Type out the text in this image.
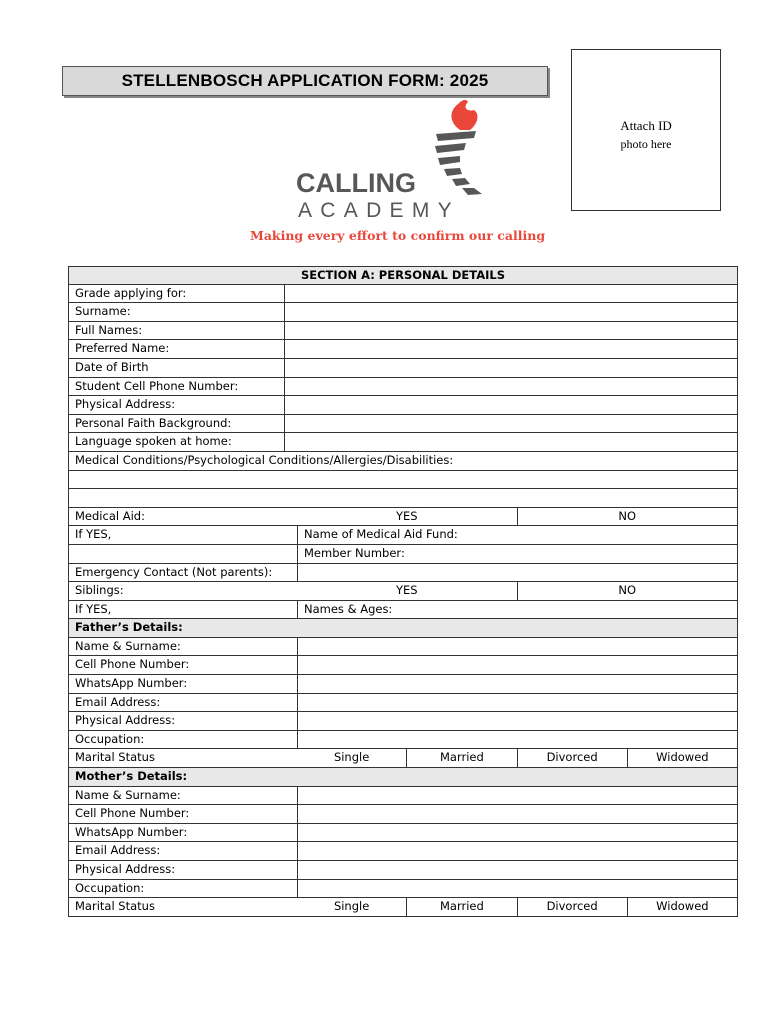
STELLENBOSCH APPLICATION FORM: 2025
Attach ID
photo here
CALLING
ACADEMY
Making every effort to confirm our calling
SECTION A: PERSONAL DETAILS
Grade applying for:
Surname:
Full Names:
Preferred Name:
Date of Birth
Student Cell Phone Number:
Physical Address:
Personal Faith Background:
Language spoken at home:
Medical Conditions/Psychological Conditions/Allergies/Disabilities:
Medical Aid:	YES	NO
If YES,	Name of Medical Aid Fund:
Member Number:
Emergency Contact (Not parents):
Siblings:	YES	NO
If YES,	Names & Ages:
Father’s Details:
Name & Surname:
Cell Phone Number:
WhatsApp Number:
Email Address:
Physical Address:
Occupation:
Marital Status	Single	Married	Divorced	Widowed
Mother’s Details:
Name & Surname:
Cell Phone Number:
WhatsApp Number:
Email Address:
Physical Address:
Occupation:
Marital Status	Single	Married	Divorced	Widowed
